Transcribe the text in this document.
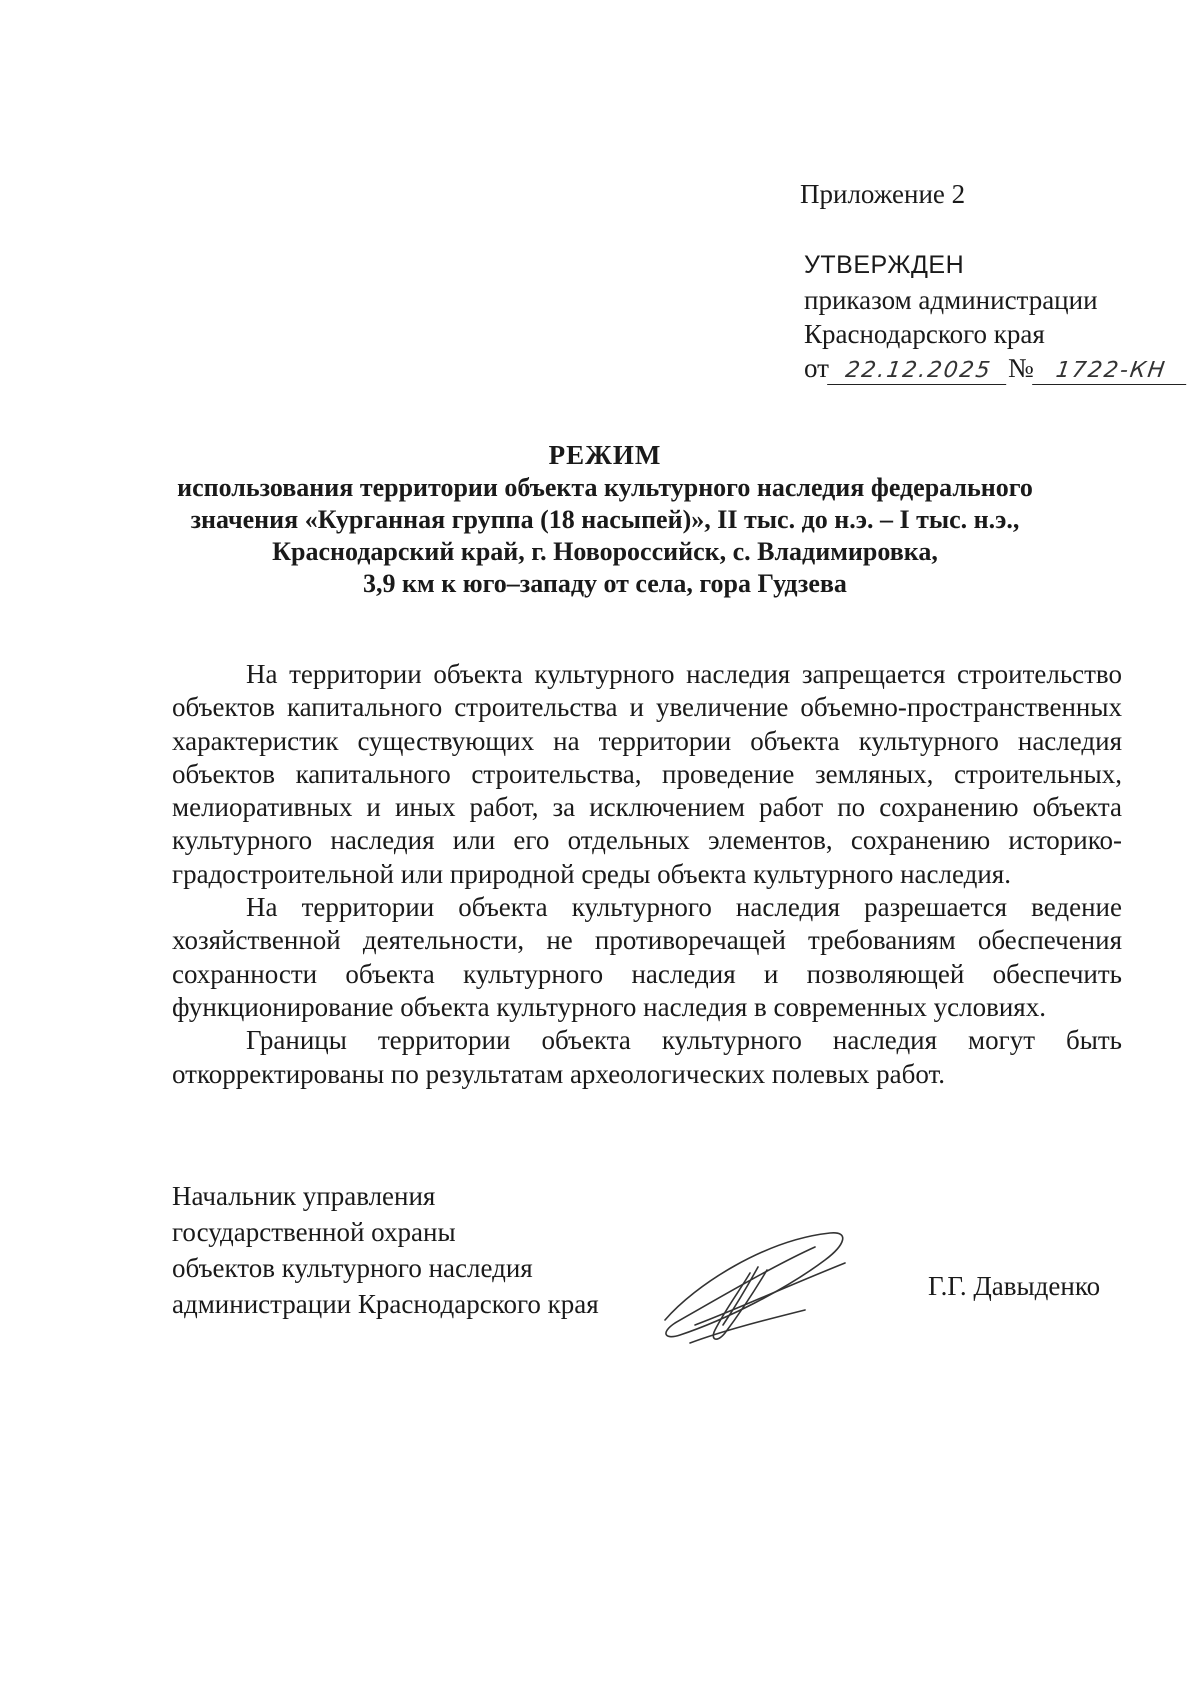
Приложение 2
УТВЕРЖДЕН
приказом администрации
Краснодарского края
от 22.12.2025 № 1722-КН
РЕЖИМ
использования территории объекта культурного наследия федерального
значения «Курганная группа (18 насыпей)», II тыс. до н.э. – I тыс. н.э.,
Краснодарский край, г. Новороссийск, с. Владимировка,
3,9 км к юго–западу от села, гора Гудзева

На территории объекта культурного наследия запрещается строительство объектов капитального строительства и увеличение объемно-пространственных характеристик существующих на территории объекта культурного наследия объектов капитального строительства, проведение земляных, строительных, мелиоративных и иных работ, за исключением работ по сохранению объекта культурного наследия или его отдельных элементов, сохранению историко-градостроительной или природной среды объекта культурного наследия.

На территории объекта культурного наследия разрешается ведение хозяйственной деятельности, не противоречащей требованиям обеспечения сохранности объекта культурного наследия и позволяющей обеспечить функционирование объекта культурного наследия в современных условиях.

Границы территории объекта культурного наследия могут быть откорректированы по результатам археологических полевых работ.

Начальник управления
государственной охраны
объектов культурного наследия
администрации Краснодарского края
Г.Г. Давыденко
